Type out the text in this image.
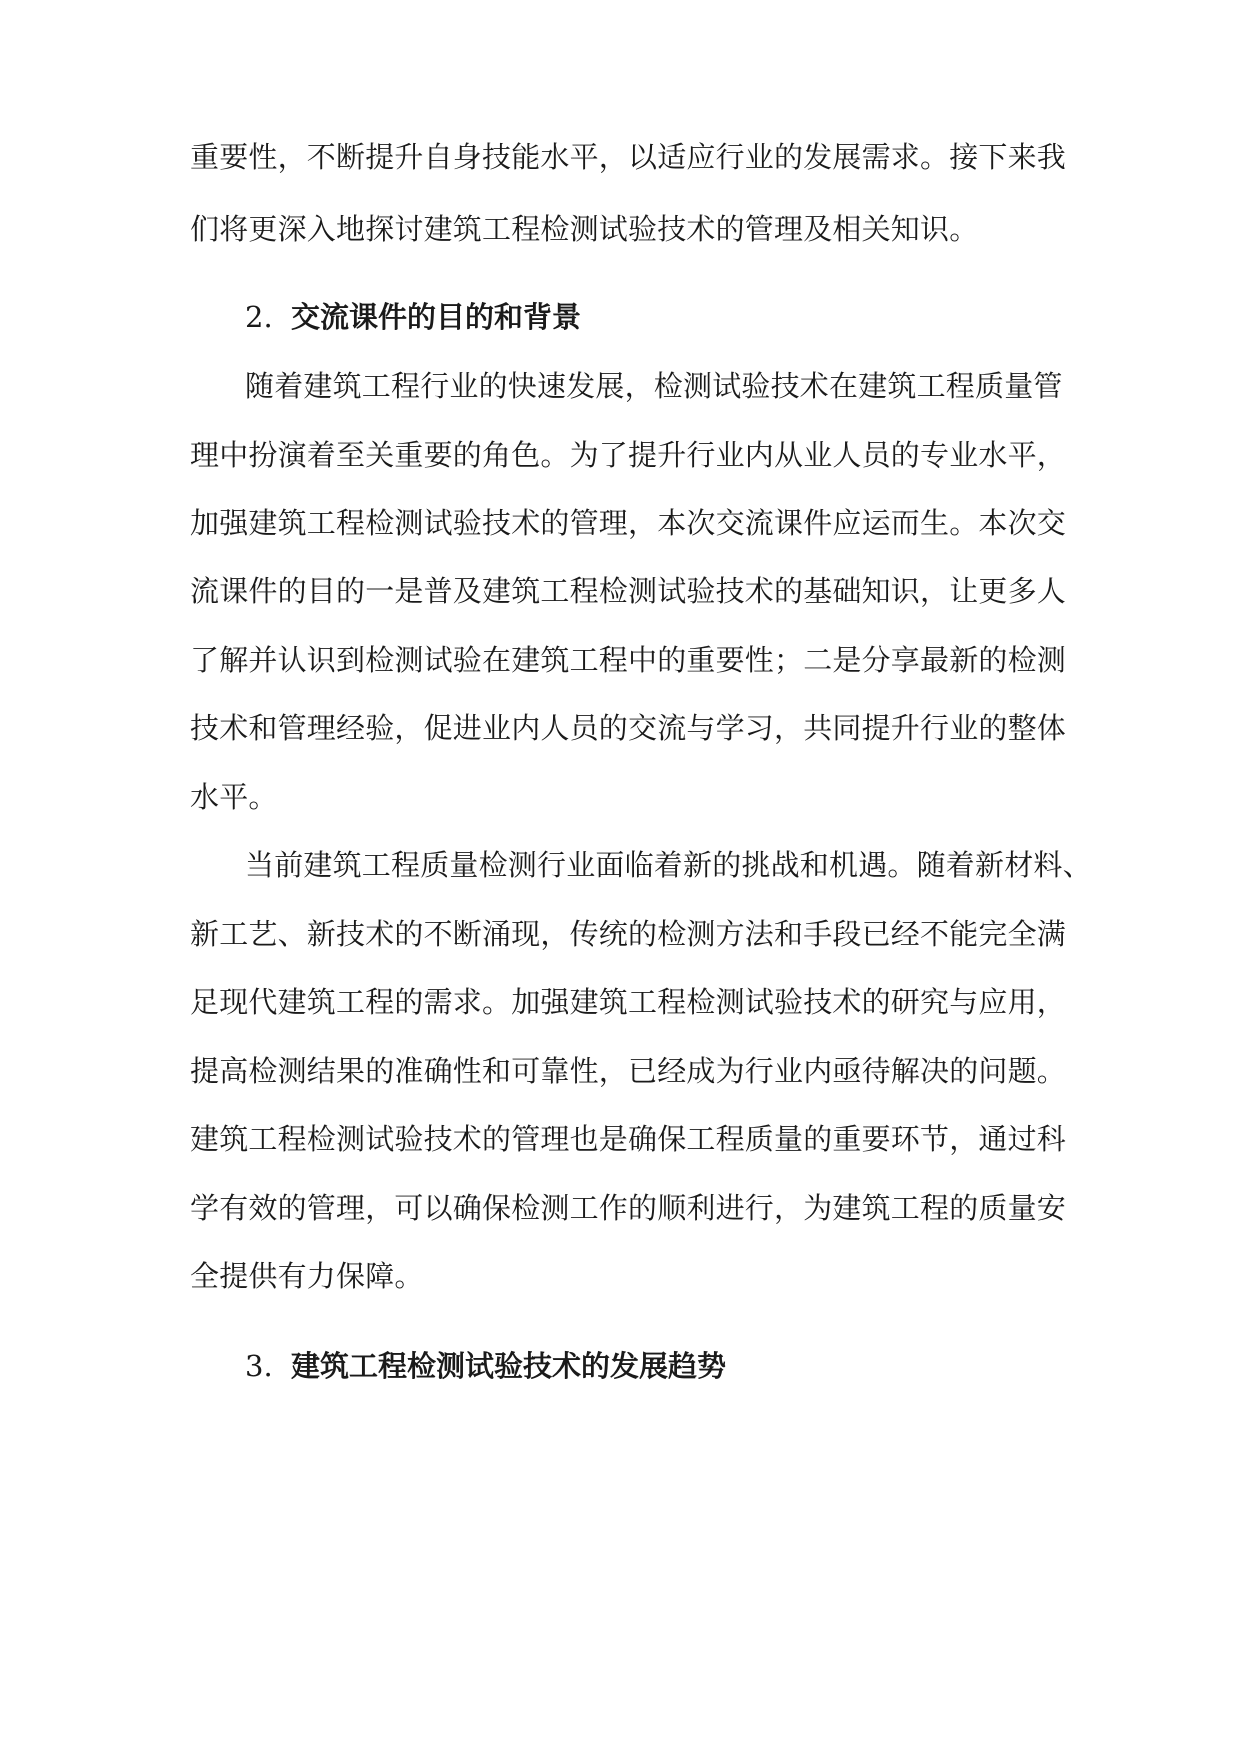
重要性，不断提升自身技能水平，以适应行业的发展需求。接下来我
们将更深入地探讨建筑工程检测试验技术的管理及相关知识。
2. 交流课件的目的和背景
随着建筑工程行业的快速发展，检测试验技术在建筑工程质量管
理中扮演着至关重要的角色。为了提升行业内从业人员的专业水平，
加强建筑工程检测试验技术的管理，本次交流课件应运而生。本次交
流课件的目的一是普及建筑工程检测试验技术的基础知识，让更多人
了解并认识到检测试验在建筑工程中的重要性；二是分享最新的检测
技术和管理经验，促进业内人员的交流与学习，共同提升行业的整体
水平。
当前建筑工程质量检测行业面临着新的挑战和机遇。随着新材料、
新工艺、新技术的不断涌现，传统的检测方法和手段已经不能完全满
足现代建筑工程的需求。加强建筑工程检测试验技术的研究与应用，
提高检测结果的准确性和可靠性，已经成为行业内亟待解决的问题。
建筑工程检测试验技术的管理也是确保工程质量的重要环节，通过科
学有效的管理，可以确保检测工作的顺利进行，为建筑工程的质量安
全提供有力保障。
3. 建筑工程检测试验技术的发展趋势
